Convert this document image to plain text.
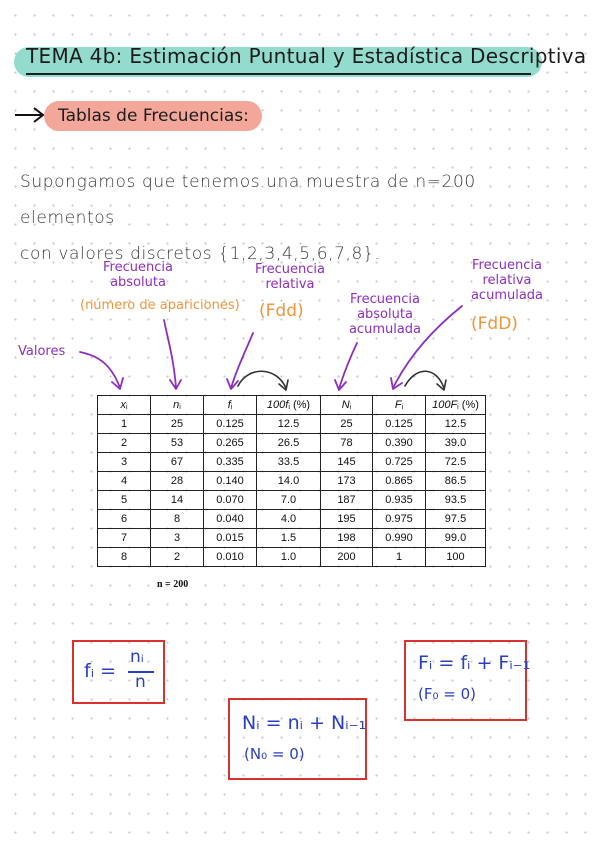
TEMA 4b: Estimación Puntual y Estadística Descriptiva
Tablas de Frecuencias:
Supongamos que tenemos una muestra de n=200 elementos
con valores discretos {1,2,3,4,5,6,7,8}.
Valores
Frecuencia
absoluta
(número de apariciones)
Frecuencia
relativa
(Fdd)
Frecuencia
absoluta
acumulada
Frecuencia
relativa
acumulada
(FdD)
xi	ni	fi	100fi (%)	Ni	Fi	100Fi (%)
1	25	0.125	12.5	25	0.125	12.5
2	53	0.265	26.5	78	0.390	39.0
3	67	0.335	33.5	145	0.725	72.5
4	28	0.140	14.0	173	0.865	86.5
5	14	0.070	7.0	187	0.935	93.5
6	8	0.040	4.0	195	0.975	97.5
7	3	0.015	1.5	198	0.990	99.0
8	2	0.010	1.0	200	1	100
n = 200
fᵢ =
nᵢ
n
Fᵢ = fᵢ + Fᵢ₋₁
(F₀ = 0)
Nᵢ = nᵢ + Nᵢ₋₁
(N₀ = 0)
